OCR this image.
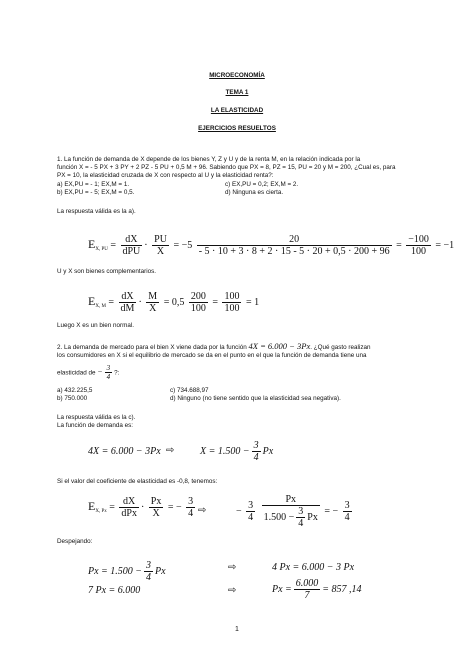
MICROECONOMÍA
TEMA 1
LA ELASTICIDAD
EJERCICIOS RESUELTOS
1. La función de demanda de X depende de los bienes Y, Z y U y de la renta M, en la relación indicada por la
función X = - 5 PX + 3 PY + 2 PZ - 5 PU + 0,5 M + 96. Sabiendo que PX = 8, PZ = 15, PU = 20 y M = 200, ¿Cual es, para
PX = 10, la elasticidad cruzada de X con respecto al U y la elasticidad renta?:
a) EX,PU = - 1; EX,M = 1.	c) EX,PU = 0,2; EX,M = 2.
b) EX,PU = - 5; EX,M = 0,5.	d) Ninguna es cierta.
La respuesta válida es la a).
$E_{X, PU} = \frac{dX}{\text{dPU}} \cdot \frac{PU}{X} = -5 \frac{20}{- 5 \cdot 10 + 3 \cdot 8 + 2 \cdot 15 - 5 \cdot 20 + 0,5 \cdot 200 + 96} = \frac{-100}{100} = -1$
U y X son bienes complementarios.
$E_{X, M} = \frac{dX}{dM} \cdot \frac{M}{X} = 0,5 \frac{200}{100} = \frac{100}{100} = 1$
Luego X es un bien normal.
2. La demanda de mercado para el bien X viene dada por la función 4X = 6.000 − 3Px. ¿Qué gasto realizan
los consumidores en X si el equilibrio de mercado se da en el punto en el que la función de demanda tiene una
elasticidad de − $\frac{3}{4}$ ?:
a) 432.225,5	c) 734.688,97
b) 750.000	d) Ninguno (no tiene sentido que la elasticidad sea negativa).
La respuesta válida es la c).
La función de demanda es:
4X = 6.000 − 3Px ⇨	$X = 1.500 - \frac{3}{4}$ Px
Si el valor del coeficiente de elasticidad es -0,8, tenemos:
$E_{X, Px} = \frac{dX}{\text{dPx}} \cdot \frac{Px}{X}$ = − $\frac{3}{4}$ ⇨	− $\frac{3}{4}$
$\frac{Px}{1.500 - \frac{3}{4} Px}$ = − $\frac{3}{4}$
Despejando:
$Px = 1.500 - \frac{3}{4}$ Px	⇨	4 Px = 6.000 − 3 Px
7 Px = 6.000	⇨	$Px = \frac{6.000}{7} = 857$ ,14
1
